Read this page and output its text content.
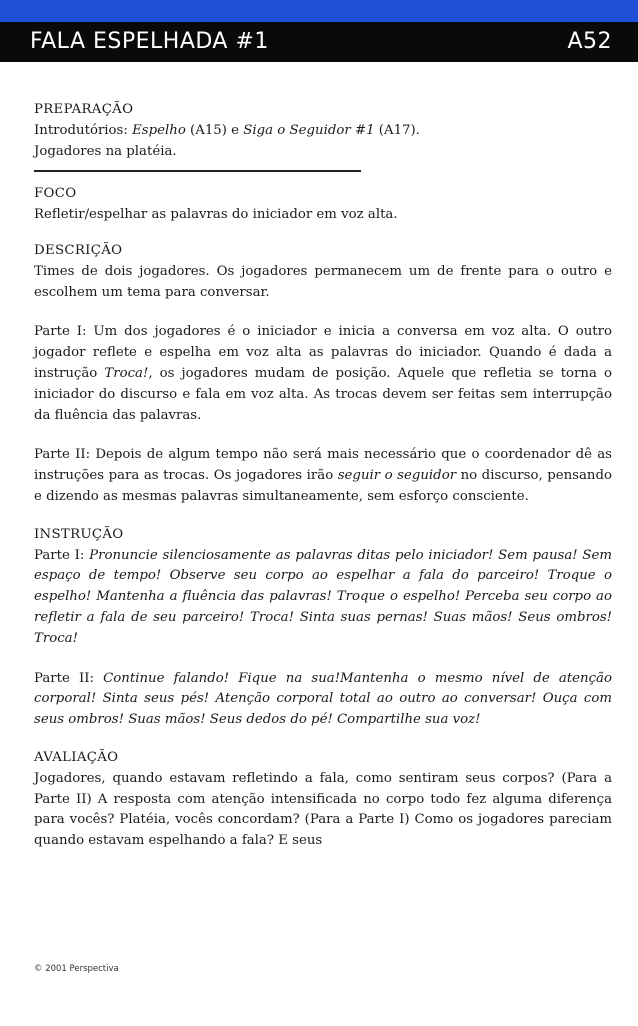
FALA ESPELHADA #1	A52

PREPARAÇÃO

Introdutórios: Espelho (A15) e Siga o Seguidor #1 (A17).

Jogadores na platéia.

FOCO

Refletir/espelhar as palavras do iniciador em voz alta.

DESCRIÇÃO

Times de dois jogadores. Os jogadores permanecem um de frente para o outro e escolhem um tema para conversar.

Parte I: Um dos jogadores é o iniciador e inicia a conversa em voz alta. O outro jogador reflete e espelha em voz alta as palavras do iniciador. Quando é dada a instrução Troca!, os jogadores mudam de posição. Aquele que refletia se torna o iniciador do discurso e fala em voz alta. As trocas devem ser feitas sem interrupção da fluência das palavras.

Parte II: Depois de algum tempo não será mais necessário que o coordenador dê as instruções para as trocas. Os jogadores irão seguir o seguidor no discurso, pensando e dizendo as mesmas palavras simultaneamente, sem esforço consciente.

INSTRUÇÃO

Parte I: Pronuncie silenciosamente as palavras ditas pelo iniciador! Sem pausa! Sem espaço de tempo! Observe seu corpo ao espelhar a fala do parceiro! Troque o espelho! Mantenha a fluência das palavras! Troque o espelho! Perceba seu corpo ao refletir a fala de seu parceiro! Troca! Sinta suas pernas! Suas mãos! Seus ombros! Troca!

Parte II: Continue falando! Fique na sua!Mantenha o mesmo nível de atenção corporal! Sinta seus pés! Atenção corporal total ao outro ao conversar! Ouça com seus ombros! Suas mãos! Seus dedos do pé! Compartilhe sua voz!

AVALIAÇÃO

Jogadores, quando estavam refletindo a fala, como sentiram seus corpos? (Para a Parte II) A resposta com atenção intensificada no corpo todo fez alguma diferença para vocês? Platéia, vocês concordam? (Para a Parte I) Como os jogadores pareciam quando estavam espelhando a fala? E seus

© 2001 Perspectiva
